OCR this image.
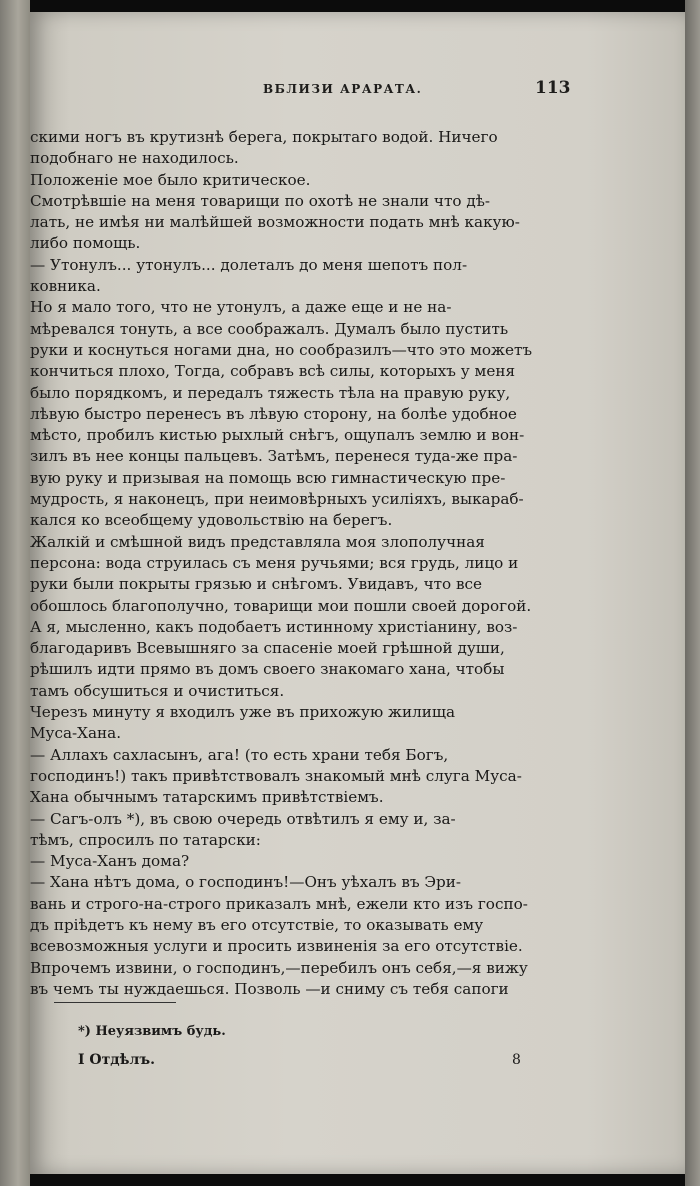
ВБЛИЗИ АРАРАТА.	113
скими ногъ въ крутизнѣ берега, покрытаго водой. Ничего
подобнаго не находилось.
Положеніе мое было критическое.
Смотрѣвшіе на меня товарищи по охотѣ не знали что дѣ-
лать, не имѣя ни малѣйшей возможности подать мнѣ какую-
либо помощь.
— Утонулъ... утонулъ... долеталъ до меня шепотъ пол-
ковника.
Но я мало того, что не утонулъ, а даже еще и не на-
мѣревался тонуть, а все соображалъ. Думалъ было пустить
руки и коснуться ногами дна, но сообразилъ—что это можетъ
кончиться плохо, Тогда, собравъ всѣ силы, которыхъ у меня
было порядкомъ, и передалъ тяжесть тѣла на правую руку,
лѣвую быстро перенесъ въ лѣвую сторону, на болѣе удобное
мѣсто, пробилъ кистью рыхлый снѣгъ, ощупалъ землю и вон-
зилъ въ нее концы пальцевъ. Затѣмъ, перенеся туда-же пра-
вую руку и призывая на помощь всю гимнастическую пре-
мудрость, я наконецъ, при неимовѣрныхъ усиліяхъ, выкараб-
кался ко всеобщему удовольствію на берегъ.
Жалкій и смѣшной видъ представляла моя злополучная
персона: вода струилась съ меня ручьями; вся грудь, лицо и
руки были покрыты грязью и снѣгомъ. Увидавъ, что все
обошлось благополучно, товарищи мои пошли своей дорогой.
А я, мысленно, какъ подобаетъ истинному христіанину, воз-
благодаривъ Всевышняго за спасеніе моей грѣшной души,
рѣшилъ идти прямо въ домъ своего знакомаго хана, чтобы
тамъ обсушиться и очиститься.
Черезъ минуту я входилъ уже въ прихожую жилища
Муса-Хана.
— Аллахъ сахласынъ, ага! (то есть храни тебя Богъ,
господинъ!) такъ привѣтствовалъ знакомый мнѣ слуга Муса-
Хана обычнымъ татарскимъ привѣтствіемъ.
— Сагъ-олъ *), въ свою очередь отвѣтилъ я ему и, за-
тѣмъ, спросилъ по татарски:
— Муса-Ханъ дома?
— Хана нѣтъ дома, о господинъ!—Онъ уѣхалъ въ Эри-
вань и строго-на-строго приказалъ мнѣ, ежели кто изъ госпо-
дъ пріѣдетъ къ нему въ его отсутствіе, то оказывать ему
всевозможныя услуги и просить извиненія за его отсутствіе.
Впрочемъ извини, о господинъ,—перебилъ онъ себя,—я вижу
въ чемъ ты нуждаешься. Позволь —и сниму съ тебя сапоги
*) Неуязвимъ будь.
I Отдѣлъ.	8
